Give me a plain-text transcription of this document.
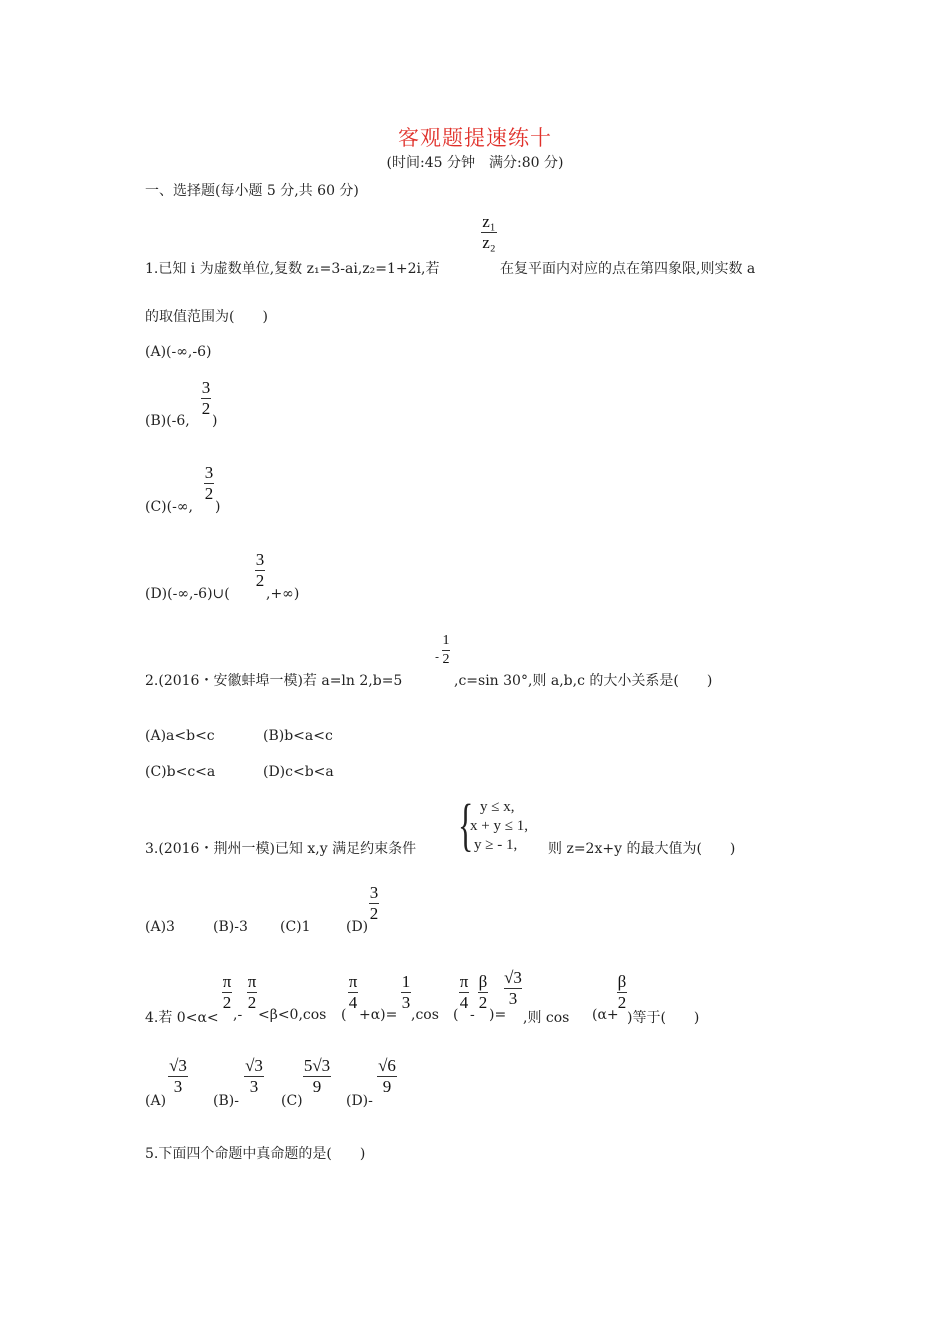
客观题提速练十
(时间:45 分钟　满分:80 分)
一、选择题(每小题 5 分,共 60 分)
z₁
z₂
1.已知 i 为虚数单位,复数 z₁=3-ai,z₂=1+2i,若	在复平面内对应的点在第四象限,则实数 a
的取值范围为(　　)
(A)(-∞,-6)
(B)(-6,
3
2
)
(C)(-∞,
3
2
)
(D)(-∞,-6)∪(
3
2
,+∞)
2.(2016・安徽蚌埠一模)若 a=ln 2,b=5
-
1
2
,c=sin 30°,则 a,b,c 的大小关系是(　　)
(A)a<b<c	(B)b<a<c
(C)b<c<a	(D)c<b<a
3.(2016・荆州一模)已知 x,y 满足约束条件 { y ≤ x,
x + y ≤ 1,
y ≥ - 1,	则 z=2x+y 的最大值为(　　)
(A)3	(B)-3 (C)1	(D)
3
2
4.若 0<α<
π
2
,-
π
2
<β<0,cos (
π
4
+α)=
1
3
,cos (
π
4
-
β
2
)=
√3
3
,则 cos (α+
β
2
)等于(　　)
(A)
√3
3
(B)-
√3
3
(C)
5√3
9
(D)-
√6
9
5.下面四个命题中真命题的是(　　)
